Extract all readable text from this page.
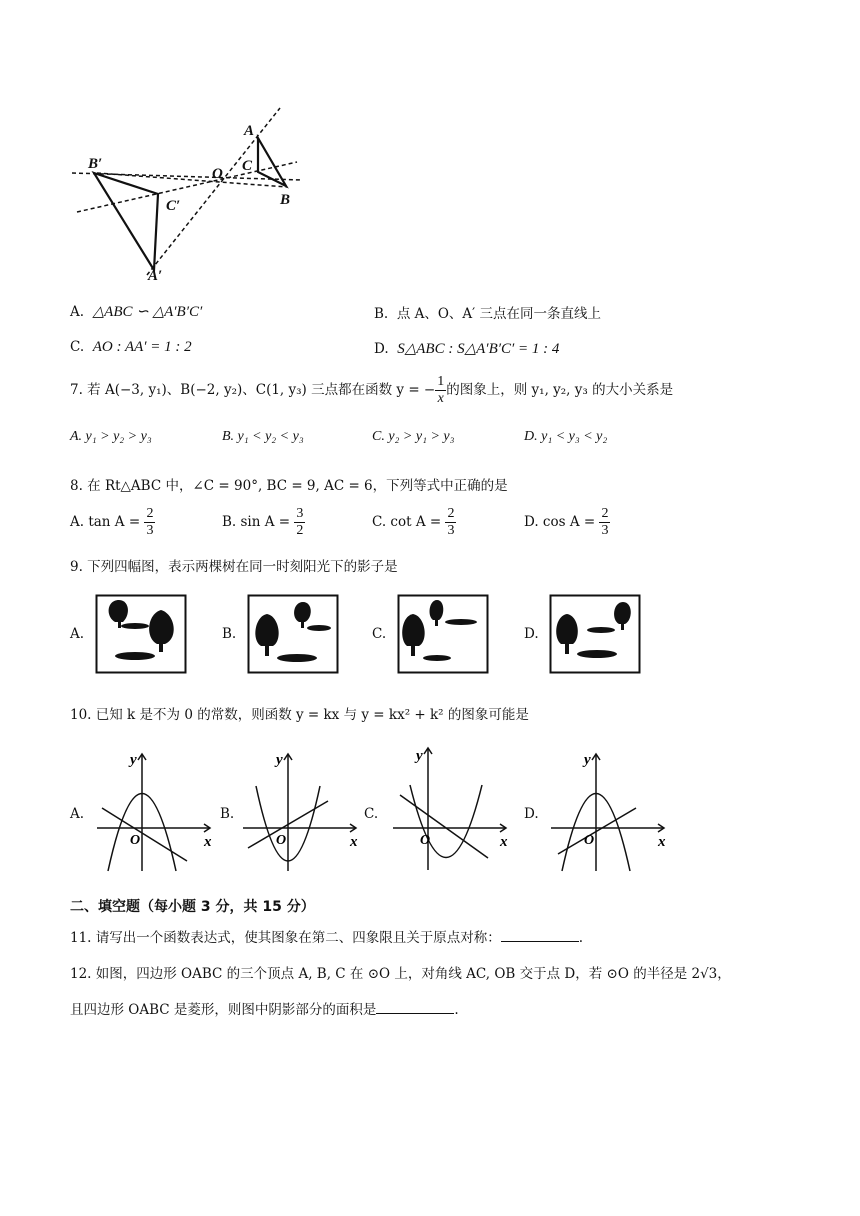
A
C
O
B
B′
C′
A′
A. △ABC ∽ △A′B′C′	B. 点 A、O、A′ 三点在同一条直线上
C. AO : AA′ = 1 : 2	D. S△ABC : S△A′B′C′ = 1 : 4
7. 若 A(−3, y₁)、B(−2, y₂)、C(1, y₃) 三点都在函数 y = − $\frac{1}{x}$ 的图象上，则 y₁, y₂, y₃ 的大小关系是
A. y₁ > y₂ > y₃	B. y₁ < y₂ < y₃	C. y₂ > y₁ > y₃	D. y₁ < y₃ < y₂
8. 在 Rt△ABC 中，∠C = 90°, BC = 9, AC = 6，下列等式中正确的是
A. $\tan A = \frac{2}{3}$	B. $\sin A = \frac{3}{2}$	C. $\cot A = \frac{2}{3}$	D. $\cos A = \frac{2}{3}$
9. 下列四幅图，表示两棵树在同一时刻阳光下的影子是
A.	B.	C.	D.
10. 已知 k 是不为 0 的常数，则函数 y = kx 与 y = kx² + k² 的图象可能是
A.
x
y
O
B.
x
y
O
C.
x
y
O
D.
x
y
O
二、填空题（每小题 3 分，共 15 分）
11. 请写出一个函数表达式，使其图象在第二、四象限且关于原点对称：	.
12. 如图，四边形 OABC 的三个顶点 A, B, C 在 ⊙O 上，对角线 AC, OB 交于点 D，若 ⊙O 的半径是 2√3，
且四边形 OABC 是菱形，则图中阴影部分的面积是	.
